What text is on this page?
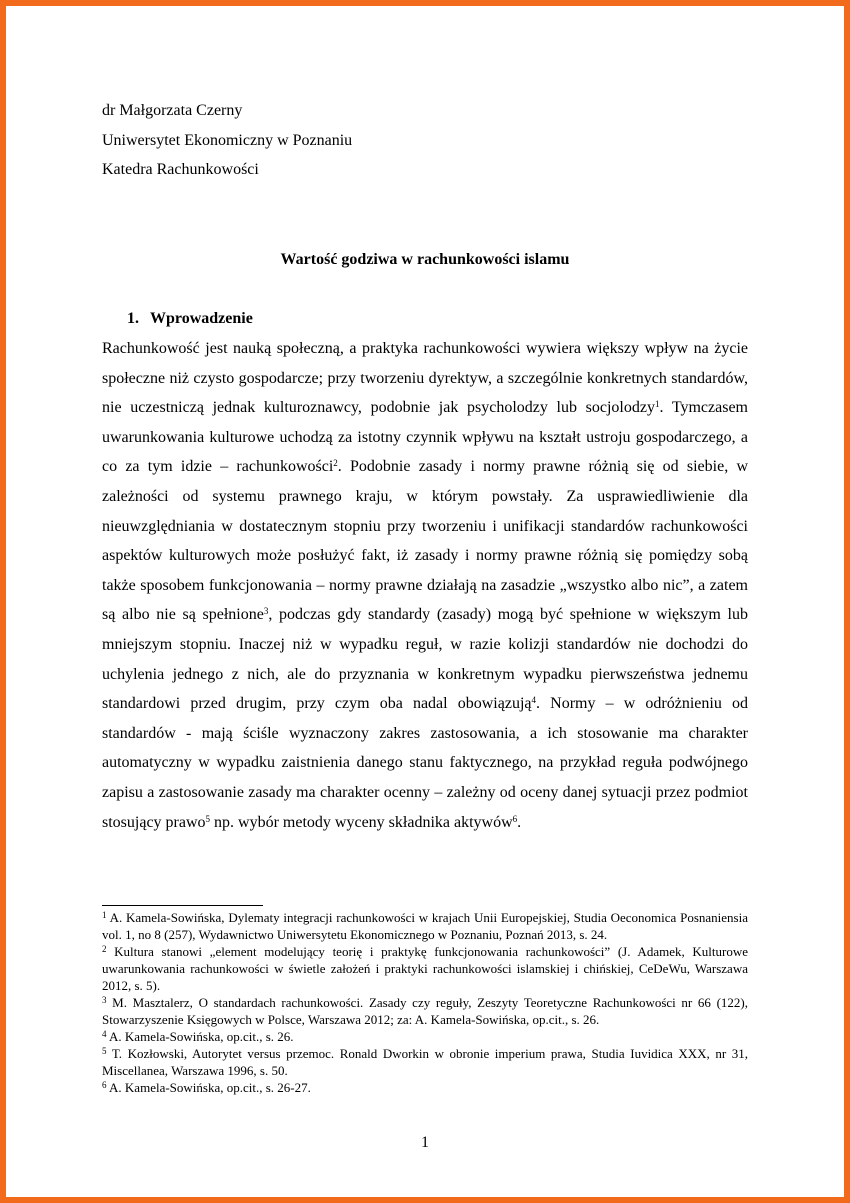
dr Małgorzata Czerny

Uniwersytet Ekonomiczny w Poznaniu

Katedra Rachunkowości

Wartość godziwa w rachunkowości islamu
1. Wprowadzenie

Rachunkowość jest nauką społeczną, a praktyka rachunkowości wywiera większy wpływ na życie społeczne niż czysto gospodarcze; przy tworzeniu dyrektyw, a szczególnie konkretnych standardów, nie uczestniczą jednak kulturoznawcy, podobnie jak psycholodzy lub socjolodzy$^1$. Tymczasem uwarunkowania kulturowe uchodzą za istotny czynnik wpływu na kształt ustroju gospodarczego, a co za tym idzie – rachunkowości$^2$. Podobnie zasady i normy prawne różnią się od siebie, w zależności od systemu prawnego kraju, w którym powstały. Za usprawiedliwienie dla nieuwzględniania w dostatecznym stopniu przy tworzeniu i unifikacji standardów rachunkowości aspektów kulturowych może posłużyć fakt, iż zasady i normy prawne różnią się pomiędzy sobą także sposobem funkcjonowania – normy prawne działają na zasadzie „wszystko albo nic”, a zatem są albo nie są spełnione$^3$, podczas gdy standardy (zasady) mogą być spełnione w większym lub mniejszym stopniu. Inaczej niż w wypadku reguł, w razie kolizji standardów nie dochodzi do uchylenia jednego z nich, ale do przyznania w konkretnym wypadku pierwszeństwa jednemu standardowi przed drugim, przy czym oba nadal obowiązują$^4$. Normy – w odróżnieniu od standardów - mają ściśle wyznaczony zakres zastosowania, a ich stosowanie ma charakter automatyczny w wypadku zaistnienia danego stanu faktycznego, na przykład reguła podwójnego zapisu a zastosowanie zasady ma charakter ocenny – zależny od oceny danej sytuacji przez podmiot stosujący prawo$^5$ np. wybór metody wyceny składnika aktywów$^6$.

$^1$ A. Kamela-Sowińska, Dylematy integracji rachunkowości w krajach Unii Europejskiej, Studia Oeconomica Posnaniensia vol. 1, no 8 (257), Wydawnictwo Uniwersytetu Ekonomicznego w Poznaniu, Poznań 2013, s. 24.

$^2$ Kultura stanowi „element modelujący teorię i praktykę funkcjonowania rachunkowości” (J. Adamek, Kulturowe uwarunkowania rachunkowości w świetle założeń i praktyki rachunkowości islamskiej i chińskiej, CeDeWu, Warszawa 2012, s. 5).

$^3$ M. Masztalerz, O standardach rachunkowości. Zasady czy reguły, Zeszyty Teoretyczne Rachunkowości nr 66 (122), Stowarzyszenie Księgowych w Polsce, Warszawa 2012; za: A. Kamela-Sowińska, op.cit., s. 26.

$^4$ A. Kamela-Sowińska, op.cit., s. 26.

$^5$ T. Kozłowski, Autorytet versus przemoc. Ronald Dworkin w obronie imperium prawa, Studia Iuvidica XXX, nr 31, Miscellanea, Warszawa 1996, s. 50.

$^6$ A. Kamela-Sowińska, op.cit., s. 26-27.

1
